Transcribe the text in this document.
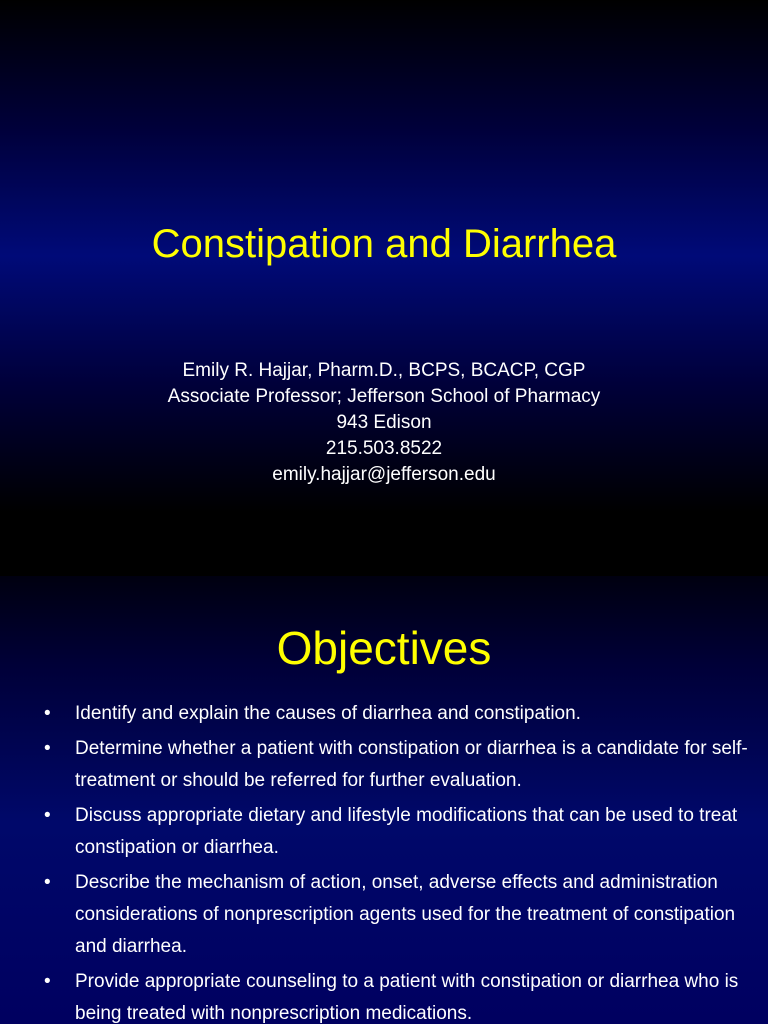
Constipation and Diarrhea
Emily R. Hajjar, Pharm.D., BCPS, BCACP, CGP
Associate Professor; Jefferson School of Pharmacy
943 Edison
215.503.8522
emily.hajjar@jefferson.edu
Objectives
• Identify and explain the causes of diarrhea and constipation.
• Determine whether a patient with constipation or diarrhea is a candidate for self-treatment or should be referred for further evaluation.
• Discuss appropriate dietary and lifestyle modifications that can be used to treat constipation or diarrhea.
• Describe the mechanism of action, onset, adverse effects and administration considerations of nonprescription agents used for the treatment of constipation and diarrhea.
• Provide appropriate counseling to a patient with constipation or diarrhea who is being treated with nonprescription medications.
